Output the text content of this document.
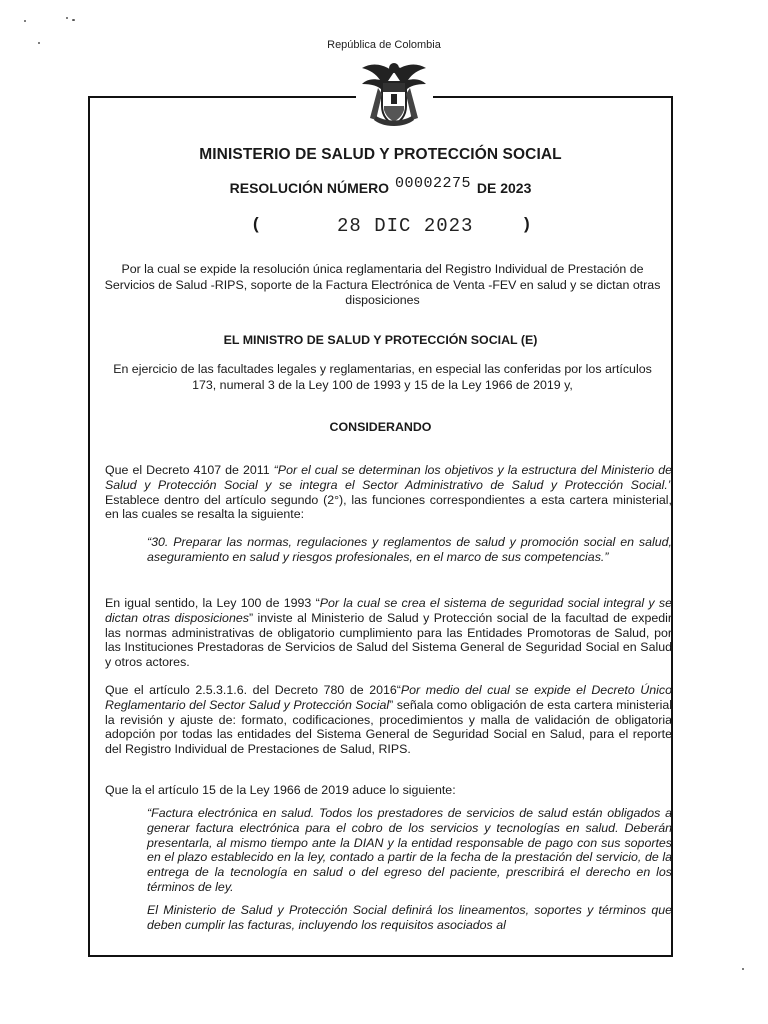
República de Colombia
MINISTERIO DE SALUD Y PROTECCIÓN SOCIAL
RESOLUCIÓN NÚMERO 00002275 DE 2023
(	28 DIC 2023	)
Por la cual se expide la resolución única reglamentaria del Registro Individual de Prestación de Servicios de Salud -RIPS, soporte de la Factura Electrónica de Venta -FEV en salud y se dictan otras disposiciones
EL MINISTRO DE SALUD Y PROTECCIÓN SOCIAL (E)
En ejercicio de las facultades legales y reglamentarias, en especial las conferidas por los artículos 173, numeral 3 de la Ley 100 de 1993 y 15 de la Ley 1966 de 2019 y,
CONSIDERANDO
Que el Decreto 4107 de 2011 “Por el cual se determinan los objetivos y la estructura del Ministerio de Salud y Protección Social y se integra el Sector Administrativo de Salud y Protección Social.” Establece dentro del artículo segundo (2°), las funciones correspondientes a esta cartera ministerial, en las cuales se resalta la siguiente:
“30. Preparar las normas, regulaciones y reglamentos de salud y promoción social en salud, aseguramiento en salud y riesgos profesionales, en el marco de sus competencias.”
En igual sentido, la Ley 100 de 1993 “Por la cual se crea el sistema de seguridad social integral y se dictan otras disposiciones” inviste al Ministerio de Salud y Protección social de la facultad de expedir las normas administrativas de obligatorio cumplimiento para las Entidades Promotoras de Salud, por las Instituciones Prestadoras de Servicios de Salud del Sistema General de Seguridad Social en Salud y otros actores.
Que el artículo 2.5.3.1.6. del Decreto 780 de 2016“Por medio del cual se expide el Decreto Único Reglamentario del Sector Salud y Protección Social” señala como obligación de esta cartera ministerial la revisión y ajuste de: formato, codificaciones, procedimientos y malla de validación de obligatoria adopción por todas las entidades del Sistema General de Seguridad Social en Salud, para el reporte del Registro Individual de Prestaciones de Salud, RIPS.
Que la el artículo 15 de la Ley 1966 de 2019 aduce lo siguiente:
“Factura electrónica en salud. Todos los prestadores de servicios de salud están obligados a generar factura electrónica para el cobro de los servicios y tecnologías en salud. Deberán presentarla, al mismo tiempo ante la DIAN y la entidad responsable de pago con sus soportes en el plazo establecido en la ley, contado a partir de la fecha de la prestación del servicio, de la entrega de la tecnología en salud o del egreso del paciente, prescribirá el derecho en los términos de ley.
El Ministerio de Salud y Protección Social definirá los lineamentos, soportes y términos que deben cumplir las facturas, incluyendo los requisitos asociados al
